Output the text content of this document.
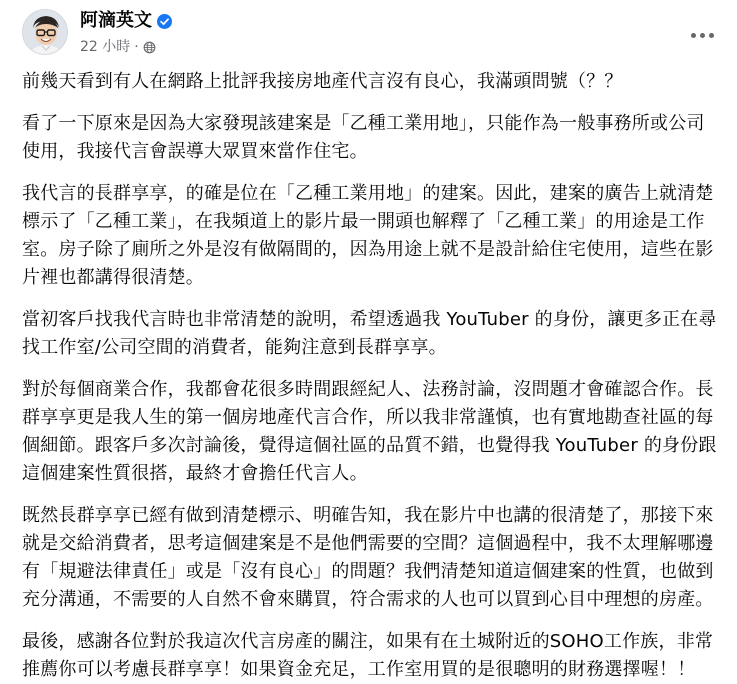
阿滴英文
22 小時 ·

前幾天看到有人在網路上批評我接房地產代言沒有良心，我滿頭問號（？？

看了一下原來是因為大家發現該建案是「乙種工業用地」，只能作為一般事務所或公司使用，我接代言會誤導大眾買來當作住宅。

我代言的長群享享，的確是位在「乙種工業用地」的建案。因此，建案的廣告上就清楚標示了「乙種工業」，在我頻道上的影片最一開頭也解釋了「乙種工業」的用途是工作室。房子除了廁所之外是沒有做隔間的，因為用途上就不是設計給住宅使用，這些在影片裡也都講得很清楚。

當初客戶找我代言時也非常清楚的說明，希望透過我 YouTuber 的身份，讓更多正在尋找工作室/公司空間的消費者，能夠注意到長群享享。

對於每個商業合作，我都會花很多時間跟經紀人、法務討論，沒問題才會確認合作。長群享享更是我人生的第一個房地產代言合作，所以我非常謹慎，也有實地勘查社區的每個細節。跟客戶多次討論後，覺得這個社區的品質不錯，也覺得我 YouTuber 的身份跟這個建案性質很搭，最終才會擔任代言人。

既然長群享享已經有做到清楚標示、明確告知，我在影片中也講的很清楚了，那接下來就是交給消費者，思考這個建案是不是他們需要的空間？這個過程中，我不太理解哪邊有「規避法律責任」或是「沒有良心」的問題？我們清楚知道這個建案的性質，也做到充分溝通，不需要的人自然不會來購買，符合需求的人也可以買到心目中理想的房產。

最後，感謝各位對於我這次代言房產的關注，如果有在土城附近的SOHO工作族，非常推薦你可以考慮長群享享！如果資金充足，工作室用買的是很聰明的財務選擇喔！！
